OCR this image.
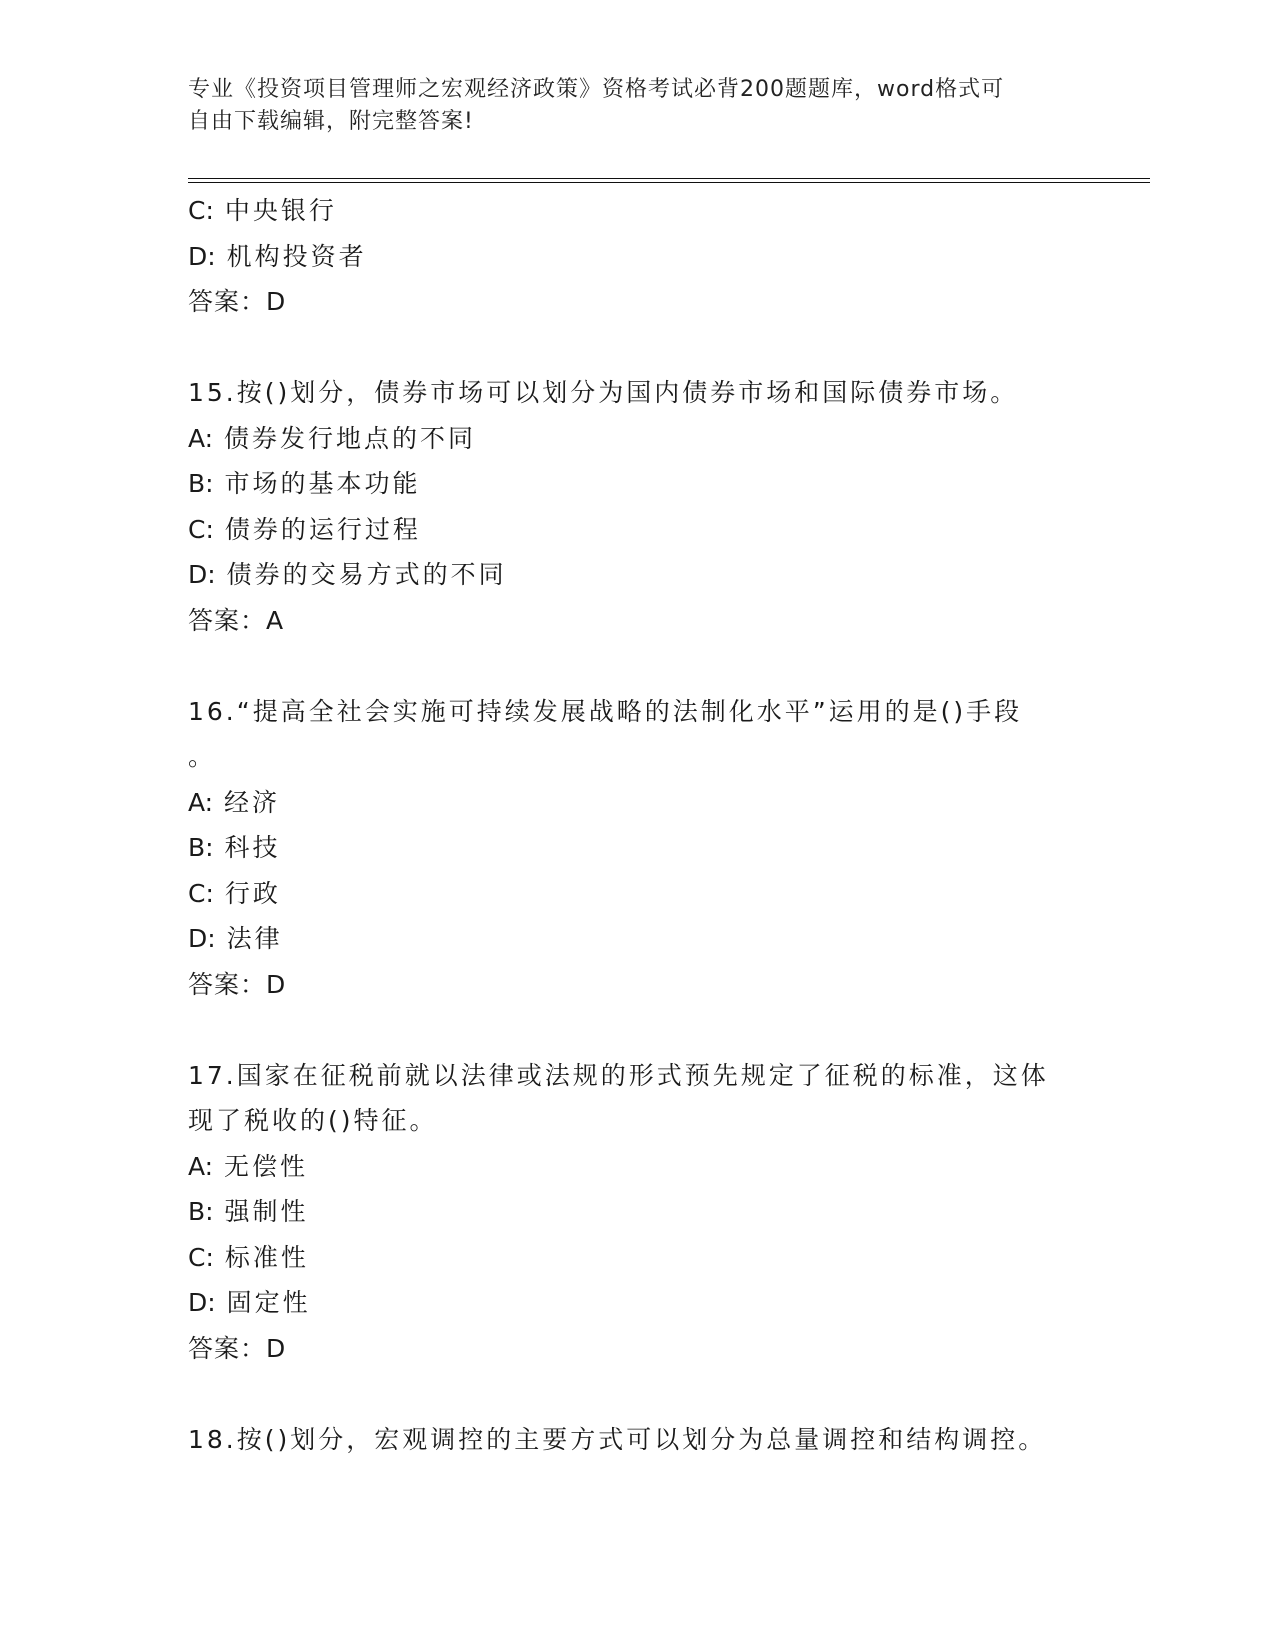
专业《投资项目管理师之宏观经济政策》资格考试必背200题题库，word格式可
自由下载编辑，附完整答案!
C: 中央银行
D: 机构投资者
答案：D
15.按()划分，债券市场可以划分为国内债券市场和国际债券市场。
A: 债券发行地点的不同
B: 市场的基本功能
C: 债券的运行过程
D: 债券的交易方式的不同
答案：A
16.“提高全社会实施可持续发展战略的法制化水平”运用的是()手段
。
A: 经济
B: 科技
C: 行政
D: 法律
答案：D
17.国家在征税前就以法律或法规的形式预先规定了征税的标准，这体
现了税收的()特征。
A: 无偿性
B: 强制性
C: 标准性
D: 固定性
答案：D
18.按()划分，宏观调控的主要方式可以划分为总量调控和结构调控。
